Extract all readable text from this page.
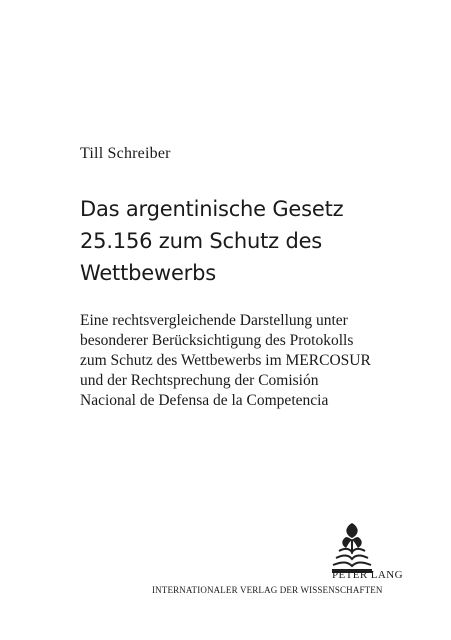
Till Schreiber
Das argentinische Gesetz
25.156 zum Schutz des
Wettbewerbs
Eine rechtsvergleichende Darstellung unter
besonderer Berücksichtigung des Protokolls
zum Schutz des Wettbewerbs im MERCOSUR
und der Rechtsprechung der Comisión
Nacional de Defensa de la Competencia
PETER LANG
INTERNATIONALER VERLAG DER WISSENSCHAFTEN
